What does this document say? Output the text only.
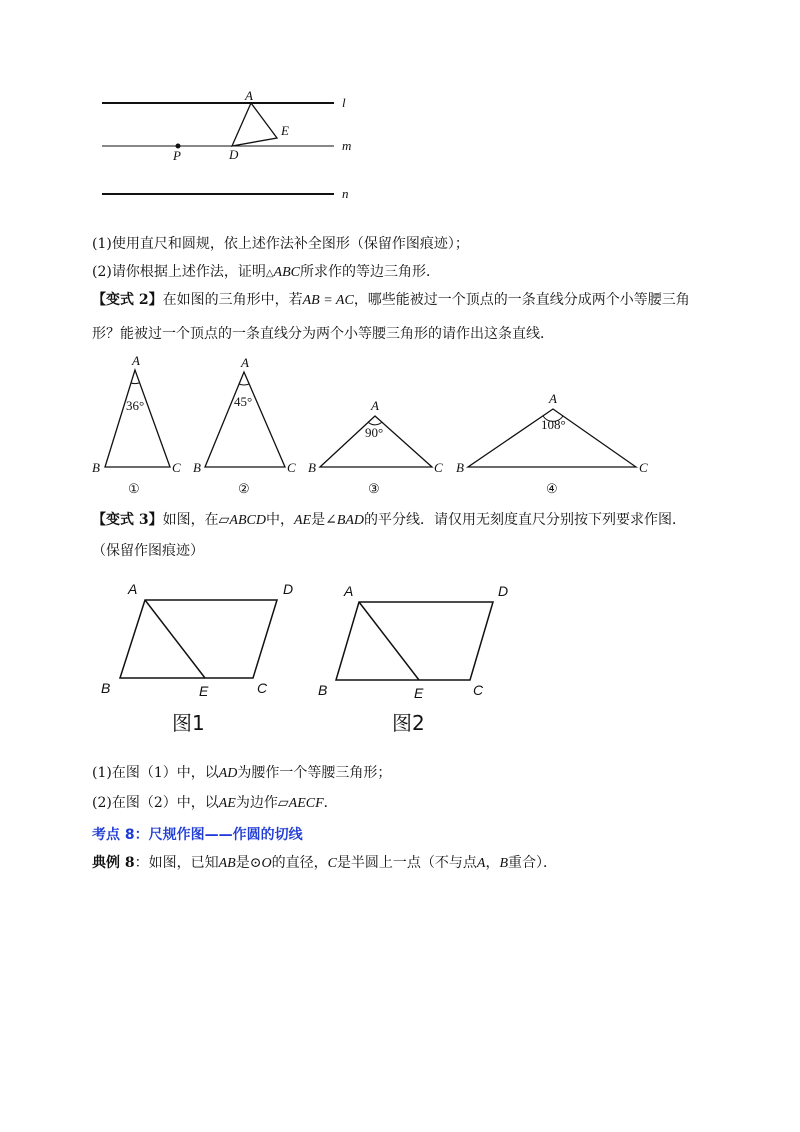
A
E
D
P
l
m
n
(1)使用直尺和圆规，依上述作法补全图形（保留作图痕迹）；
(2)请你根据上述作法，证明△ABC所求作的等边三角形．
【变式 2】在如图的三角形中，若AB = AC，哪些能被过一个顶点的一条直线分成两个小等腰三角
形？能被过一个顶点的一条直线分为两个小等腰三角形的请作出这条直线．
A
36°
B	C
①
A
45°
B	C
②
A
90°
B	C
③
A
108°
B	C
④
【变式 3】如图，在▱ABCD中，AE是∠BAD的平分线．请仅用无刻度直尺分别按下列要求作图．
（保留作图痕迹）
A	D
B	E	C
图1
A	D
B	E	C
图2
(1)在图（1）中，以AD为腰作一个等腰三角形；
(2)在图（2）中，以AE为边作▱AECF．
考点 8：尺规作图——作圆的切线
典例 8：如图，已知AB是⊙O的直径，C是半圆上一点（不与点A，B重合）．
